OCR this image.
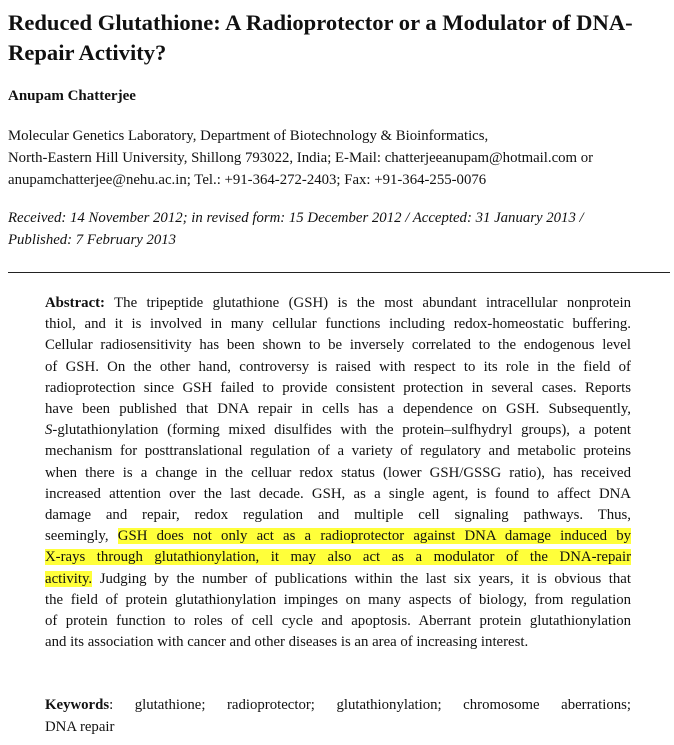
Reduced Glutathione: A Radioprotector or a Modulator of DNA-Repair Activity?

Anupam Chatterjee

Molecular Genetics Laboratory, Department of Biotechnology & Bioinformatics,
North-Eastern Hill University, Shillong 793022, India; E-Mail: chatterjeeanupam@hotmail.com or
anupamchatterjee@nehu.ac.in; Tel.: +91-364-272-2403; Fax: +91-364-255-0076
Received: 14 November 2012; in revised form: 15 December 2012 / Accepted: 31 January 2013 /
Published: 7 February 2013
Abstract: The tripeptide glutathione (GSH) is the most abundant intracellular nonprotein
thiol, and it is involved in many cellular functions including redox-homeostatic buffering.
Cellular radiosensitivity has been shown to be inversely correlated to the endogenous level
of GSH. On the other hand, controversy is raised with respect to its role in the field of
radioprotection since GSH failed to provide consistent protection in several cases. Reports
have been published that DNA repair in cells has a dependence on GSH. Subsequently,
S-glutathionylation (forming mixed disulfides with the protein–sulfhydryl groups), a potent
mechanism for posttranslational regulation of a variety of regulatory and metabolic proteins
when there is a change in the celluar redox status (lower GSH/GSSG ratio), has received
increased attention over the last decade. GSH, as a single agent, is found to affect DNA
damage and repair, redox regulation and multiple cell signaling pathways. Thus,
seemingly, GSH does not only act as a radioprotector against DNA damage induced by
X-rays through glutathionylation, it may also act as a modulator of the DNA-repair
activity. Judging by the number of publications within the last six years, it is obvious that
the field of protein glutathionylation impinges on many aspects of biology, from regulation
of protein function to roles of cell cycle and apoptosis. Aberrant protein glutathionylation
and its association with cancer and other diseases is an area of increasing interest.
Keywords: glutathione; radioprotector; glutathionylation; chromosome aberrations;
DNA repair
